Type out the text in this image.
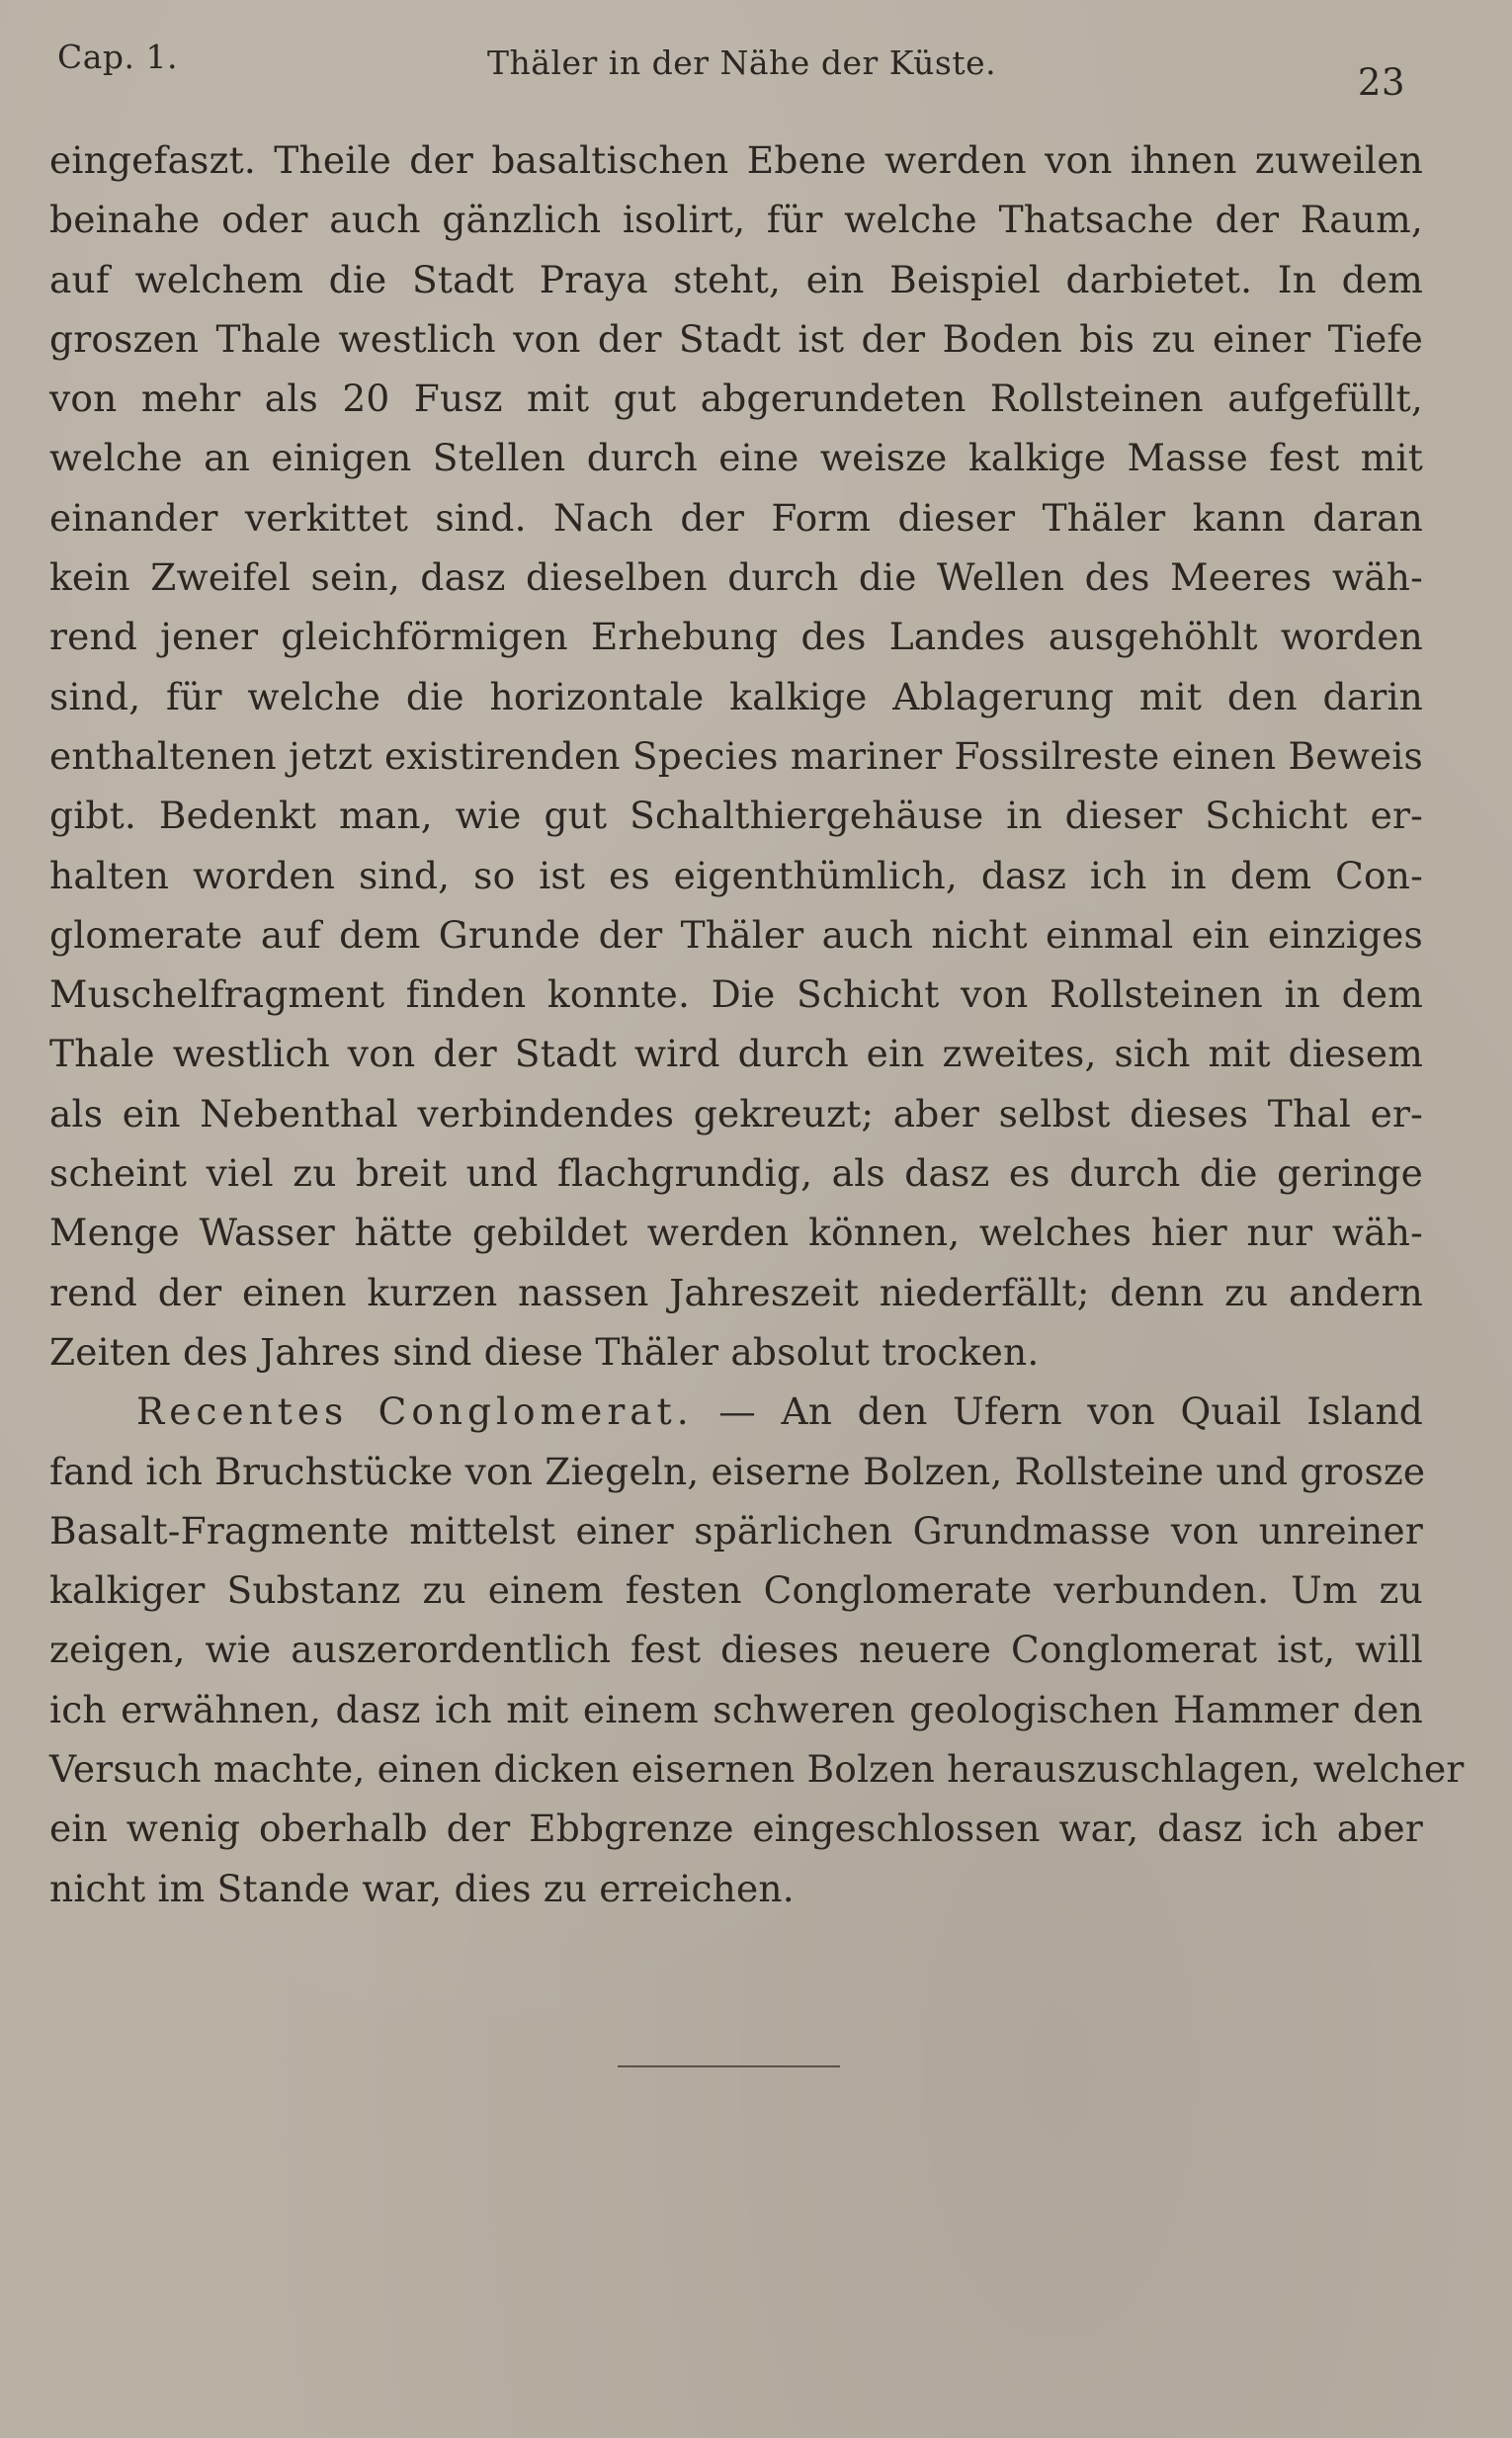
Cap. 1.	Thäler in der Nähe der Küste.	23
eingefaszt. Theile der basaltischen Ebene werden von ihnen zuweilen
beinahe oder auch gänzlich isolirt, für welche Thatsache der Raum,
auf welchem die Stadt Praya steht, ein Beispiel darbietet. In dem
groszen Thale westlich von der Stadt ist der Boden bis zu einer Tiefe
von mehr als 20 Fusz mit gut abgerundeten Rollsteinen aufgefüllt,
welche an einigen Stellen durch eine weisze kalkige Masse fest mit
einander verkittet sind. Nach der Form dieser Thäler kann daran
kein Zweifel sein, dasz dieselben durch die Wellen des Meeres wäh-
rend jener gleichförmigen Erhebung des Landes ausgehöhlt worden
sind, für welche die horizontale kalkige Ablagerung mit den darin
enthaltenen jetzt existirenden Species mariner Fossilreste einen Beweis
gibt. Bedenkt man, wie gut Schalthiergehäuse in dieser Schicht er-
halten worden sind, so ist es eigenthümlich, dasz ich in dem Con-
glomerate auf dem Grunde der Thäler auch nicht einmal ein einziges
Muschelfragment finden konnte. Die Schicht von Rollsteinen in dem
Thale westlich von der Stadt wird durch ein zweites, sich mit diesem
als ein Nebenthal verbindendes gekreuzt; aber selbst dieses Thal er-
scheint viel zu breit und flachgrundig, als dasz es durch die geringe
Menge Wasser hätte gebildet werden können, welches hier nur wäh-
rend der einen kurzen nassen Jahreszeit niederfällt; denn zu andern
Zeiten des Jahres sind diese Thäler absolut trocken.
Recentes Conglomerat. — An den Ufern von Quail Island
fand ich Bruchstücke von Ziegeln, eiserne Bolzen, Rollsteine und grosze
Basalt-Fragmente mittelst einer spärlichen Grundmasse von unreiner
kalkiger Substanz zu einem festen Conglomerate verbunden. Um zu
zeigen, wie auszerordentlich fest dieses neuere Conglomerat ist, will
ich erwähnen, dasz ich mit einem schweren geologischen Hammer den
Versuch machte, einen dicken eisernen Bolzen herauszuschlagen, welcher
ein wenig oberhalb der Ebbgrenze eingeschlossen war, dasz ich aber
nicht im Stande war, dies zu erreichen.
